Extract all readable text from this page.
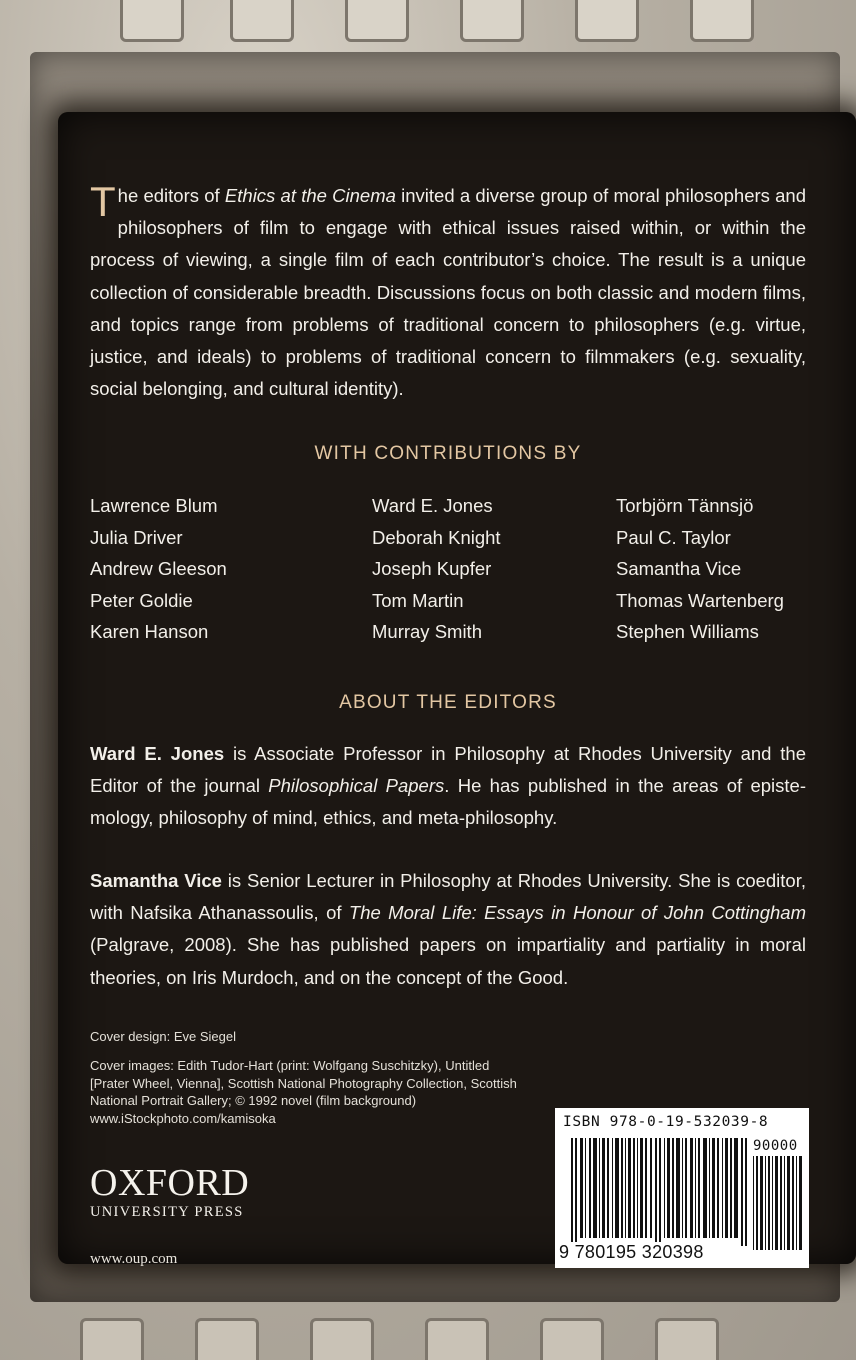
The editors of Ethics at the Cinema invited a diverse group of moral philosophers and philosophers of film to engage with ethical issues raised within, or within the process of viewing, a single film of each contributor’s choice. The result is a unique collection of considerable breadth. Discussions focus on both classic and modern films, and topics range from problems of traditional concern to philosophers (e.g. virtue, justice, and ideals) to problems of traditional concern to filmmakers (e.g. sexuality, social belonging, and cultural identity).

WITH CONTRIBUTIONS BY
Lawrence Blum
Julia Driver
Andrew Gleeson
Peter Goldie
Karen Hanson
Ward E. Jones
Deborah Knight
Joseph Kupfer
Tom Martin
Murray Smith
Torbjörn Tännsjö
Paul C. Taylor
Samantha Vice
Thomas Wartenberg
Stephen Williams
ABOUT THE EDITORS

Ward E. Jones is Associate Professor in Philosophy at Rhodes University and the Editor of the journal Philosophical Papers. He has published in the areas of epistemology, philosophy of mind, ethics, and meta-philosophy.

Samantha Vice is Senior Lecturer in Philosophy at Rhodes University. She is coeditor, with Nafsika Athanassoulis, of The Moral Life: Essays in Honour of John Cottingham (Palgrave, 2008). She has published papers on impartiality and partiality in moral theories, on Iris Murdoch, and on the concept of the Good.

Cover design: Eve Siegel
Cover images: Edith Tudor-Hart (print: Wolfgang Suschitzky), Untitled [Prater Wheel, Vienna], Scottish National Photography Collection, Scottish National Portrait Gallery; © 1992 novel (film background) www.iStockphoto.com/kamisoka
OXFORD
UNIVERSITY PRESS
www.oup.com
ISBN 978-0-19-532039-8
90000
9 780195 320398
